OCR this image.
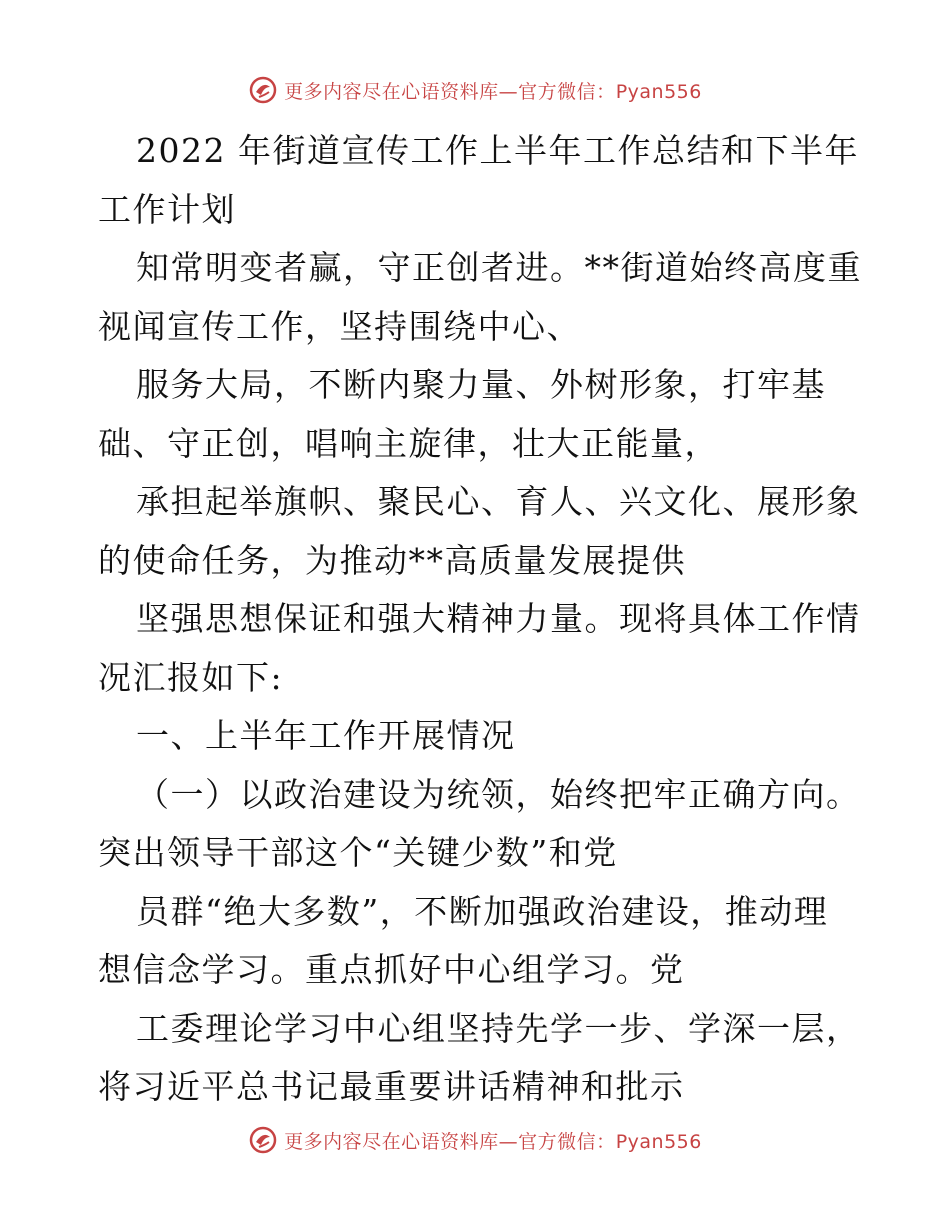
更多内容尽在心语资料库—官方微信：Pyan556
2022 年街道宣传工作上半年工作总结和下半年
工作计划
知常明变者赢，守正创者进。**街道始终高度重
视闻宣传工作，坚持围绕中心、
服务大局，不断内聚力量、外树形象，打牢基
础、守正创，唱响主旋律，壮大正能量，
承担起举旗帜、聚民心、育人、兴文化、展形象
的使命任务，为推动**高质量发展提供
坚强思想保证和强大精神力量。现将具体工作情
况汇报如下:
一、上半年工作开展情况
（一）以政治建设为统领，始终把牢正确方向。
突出领导干部这个“关键少数”和党
员群“绝大多数”，不断加强政治建设，推动理
想信念学习。重点抓好中心组学习。党
工委理论学习中心组坚持先学一步、学深一层，
将习近平总书记最重要讲话精神和批示
更多内容尽在心语资料库—官方微信：Pyan556
